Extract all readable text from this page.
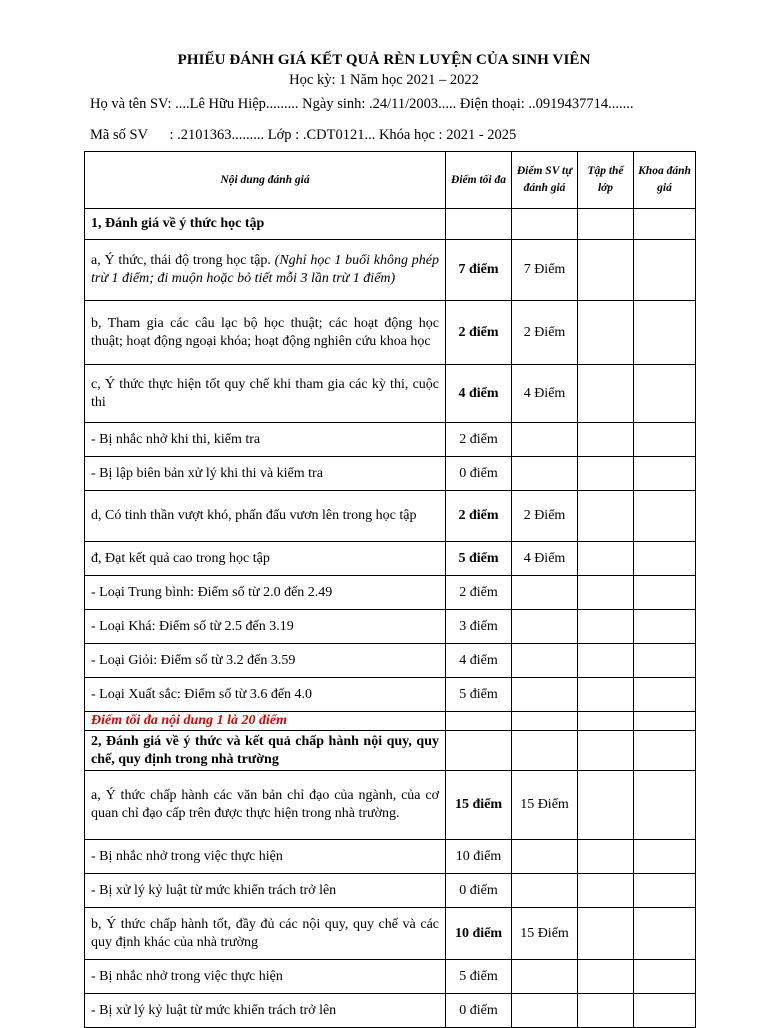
PHIẾU ĐÁNH GIÁ KẾT QUẢ RÈN LUYỆN CỦA SINH VIÊN
Học kỳ: 1 Năm học 2021 – 2022
Họ và tên SV: ....Lê Hữu Hiệp......... Ngày sinh: .24/11/2003..... Điện thoại: ..0919437714.......
Mã số SV      : .2101363......... Lớp : .CDT0121... Khóa học : 2021 - 2025
Nội dung đánh giá	Điểm tối đa	Điểm SV tự đánh giá	Tập thể lớp	Khoa đánh giá
1, Đánh giá về ý thức học tập				
a, Ý thức, thái độ trong học tập. (Nghỉ học 1 buổi không phép trừ 1 điểm; đi muộn hoặc bỏ tiết mỗi 3 lần trừ 1 điểm)	7 điểm	7 Điểm		
b, Tham gia các câu lạc bộ học thuật; các hoạt động học thuật; hoạt động ngoại khóa; hoạt động nghiên cứu khoa học	2 điểm	2 Điểm		
c, Ý thức thực hiện tốt quy chế khi tham gia các kỳ thi, cuộc thi	4 điểm	4 Điểm		
- Bị nhắc nhở khi thi, kiểm tra	2 điểm			
- Bị lập biên bản xử lý khi thi và kiểm tra	0 điểm			
d, Có tinh thần vượt khó, phấn đấu vươn lên trong học tập	2 điểm	2 Điểm		
đ, Đạt kết quả cao trong học tập	5 điểm	4 Điểm		
- Loại Trung bình: Điểm số từ 2.0 đến 2.49	2 điểm			
- Loại Khá: Điểm số từ 2.5 đến 3.19	3 điểm			
- Loại Giỏi: Điểm số từ 3.2 đến 3.59	4 điểm			
- Loại Xuất sắc: Điểm số từ 3.6 đến 4.0	5 điểm			
Điểm tối đa nội dung 1 là 20 điểm				
2, Đánh giá về ý thức và kết quả chấp hành nội quy, quy chế, quy định trong nhà trường				
a, Ý thức chấp hành các văn bản chỉ đạo của ngành, của cơ quan chỉ đạo cấp trên được thực hiện trong nhà trường.	15 điểm	15 Điểm		
- Bị nhắc nhở trong việc thực hiện	10 điểm			
- Bị xử lý kỷ luật từ mức khiển trách trở lên	0 điểm			
b, Ý thức chấp hành tốt, đầy đủ các nội quy, quy chế và các quy định khác của nhà trường	10 điểm	15 Điểm		
- Bị nhắc nhở trong việc thực hiện	5 điểm			
- Bị xử lý kỷ luật từ mức khiển trách trở lên	0 điểm			
